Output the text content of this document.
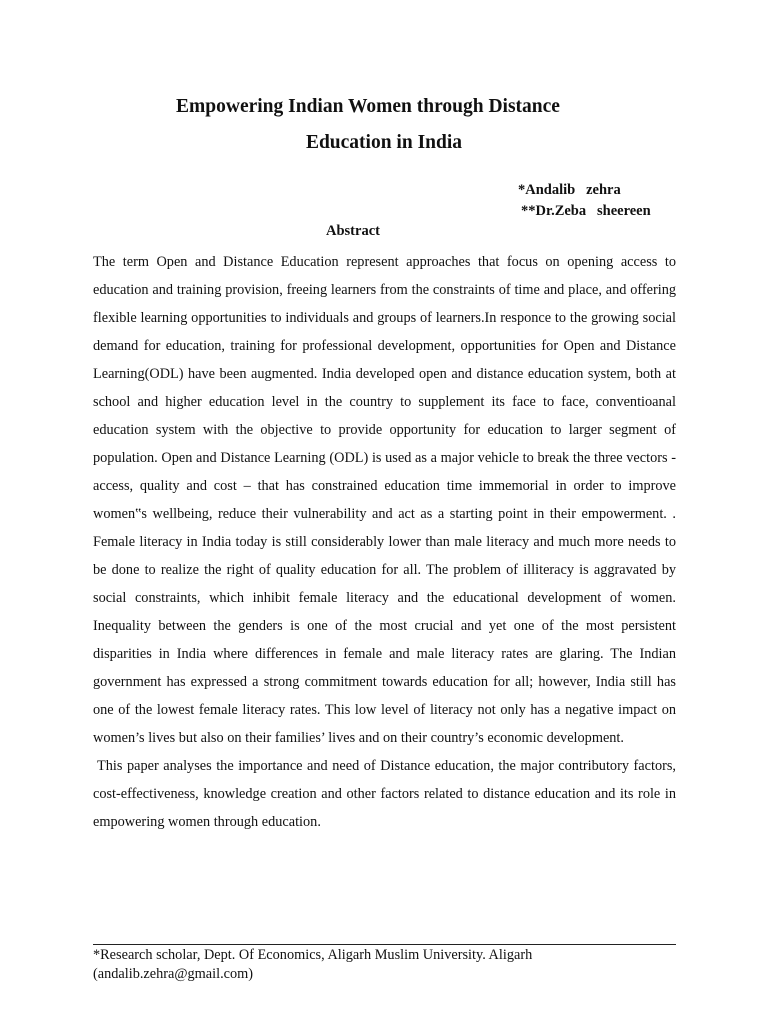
Empowering Indian Women through Distance
Education in India
*Andalib   zehra
**Dr.Zeba   sheereen
Abstract

The term Open and Distance Education represent approaches that focus on opening access to education and training provision, freeing learners from the constraints of time and place, and offering flexible learning opportunities to individuals and groups of learners.In responce to the growing social demand for education, training for professional development, opportunities for Open and Distance Learning(ODL) have been augmented. India developed open and distance education system, both at school and higher education level in the country to supplement its face to face, conventioanal education system with the objective to provide opportunity for education to larger segment of population. Open and Distance Learning (ODL) is used as a major vehicle to break the three vectors - access, quality and cost – that has constrained education time immemorial in order to improve women‟s wellbeing, reduce their vulnerability and act as a starting point in their empowerment. . Female literacy in India today is still considerably lower than male literacy and much more needs to be done to realize the right of quality education for all. The problem of illiteracy is aggravated by social constraints, which inhibit female literacy and the educational development of women. Inequality between the genders is one of the most crucial and yet one of the most persistent disparities in India where differences in female and male literacy rates are glaring. The Indian government has expressed a strong commitment towards education for all; however, India still has one of the lowest female literacy rates. This low level of literacy not only has a negative impact on women’s lives but also on their families’ lives and on their country’s economic development.

This paper analyses the importance and need of Distance education, the major contributory factors, cost-effectiveness, knowledge creation and other factors related to distance education and its role in empowering women through education.

*Research scholar, Dept. Of Economics, Aligarh Muslim University. Aligarh
(andalib.zehra@gmail.com)
